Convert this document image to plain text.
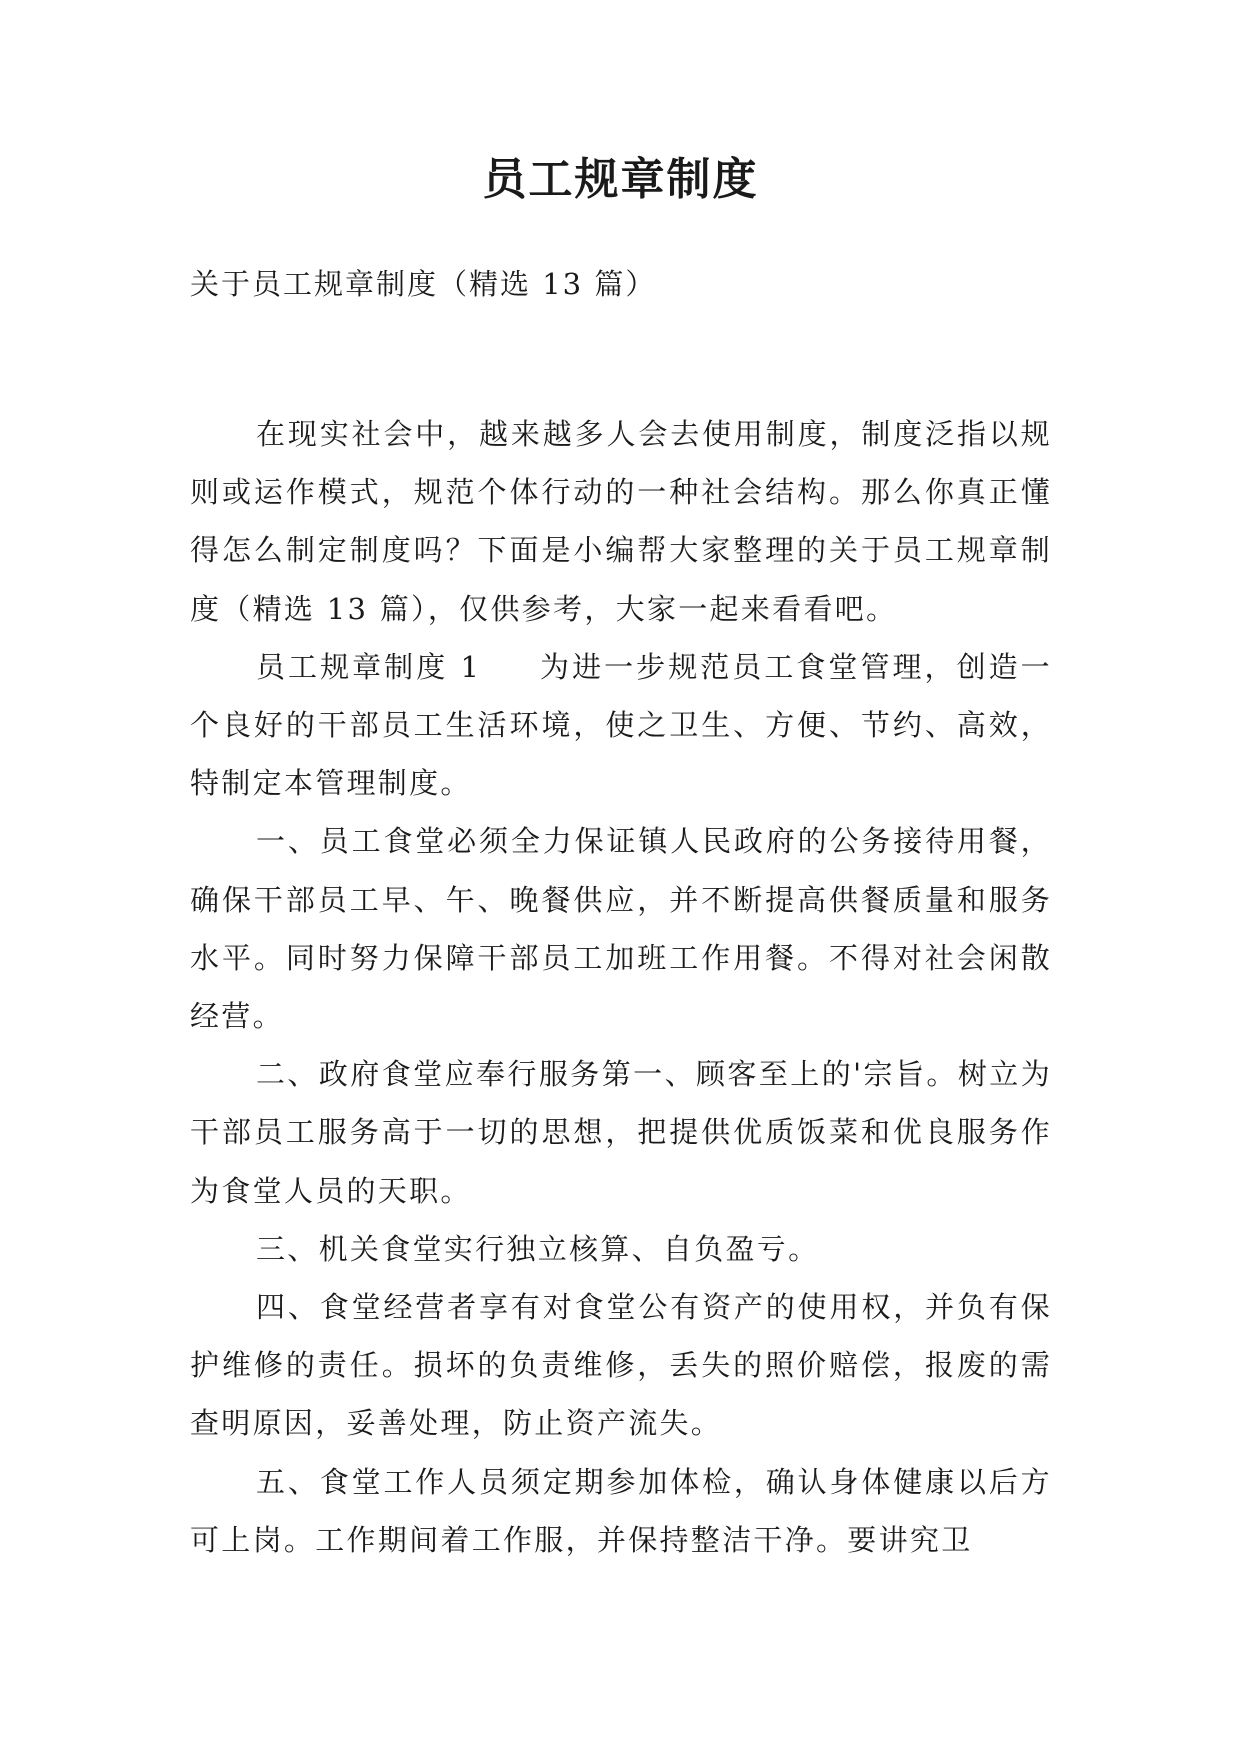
员工规章制度

关于员工规章制度（精选 13 篇）

在现实社会中，越来越多人会去使用制度，制度泛指以规则或运作模式，规范个体行动的一种社会结构。那么你真正懂得怎么制定制度吗？下面是小编帮大家整理的关于员工规章制度（精选 13 篇），仅供参考，大家一起来看看吧。

员工规章制度 1 为进一步规范员工食堂管理，创造一个良好的干部员工生活环境，使之卫生、方便、节约、高效，特制定本管理制度。

一、员工食堂必须全力保证镇人民政府的公务接待用餐，确保干部员工早、午、晚餐供应，并不断提高供餐质量和服务水平。同时努力保障干部员工加班工作用餐。不得对社会闲散经营。

二、政府食堂应奉行服务第一、顾客至上的'宗旨。树立为干部员工服务高于一切的思想，把提供优质饭菜和优良服务作为食堂人员的天职。

三、机关食堂实行独立核算、自负盈亏。

四、食堂经营者享有对食堂公有资产的使用权，并负有保护维修的责任。损坏的负责维修，丢失的照价赔偿，报废的需查明原因，妥善处理，防止资产流失。

五、食堂工作人员须定期参加体检，确认身体健康以后方可上岗。工作期间着工作服，并保持整洁干净。要讲究卫
